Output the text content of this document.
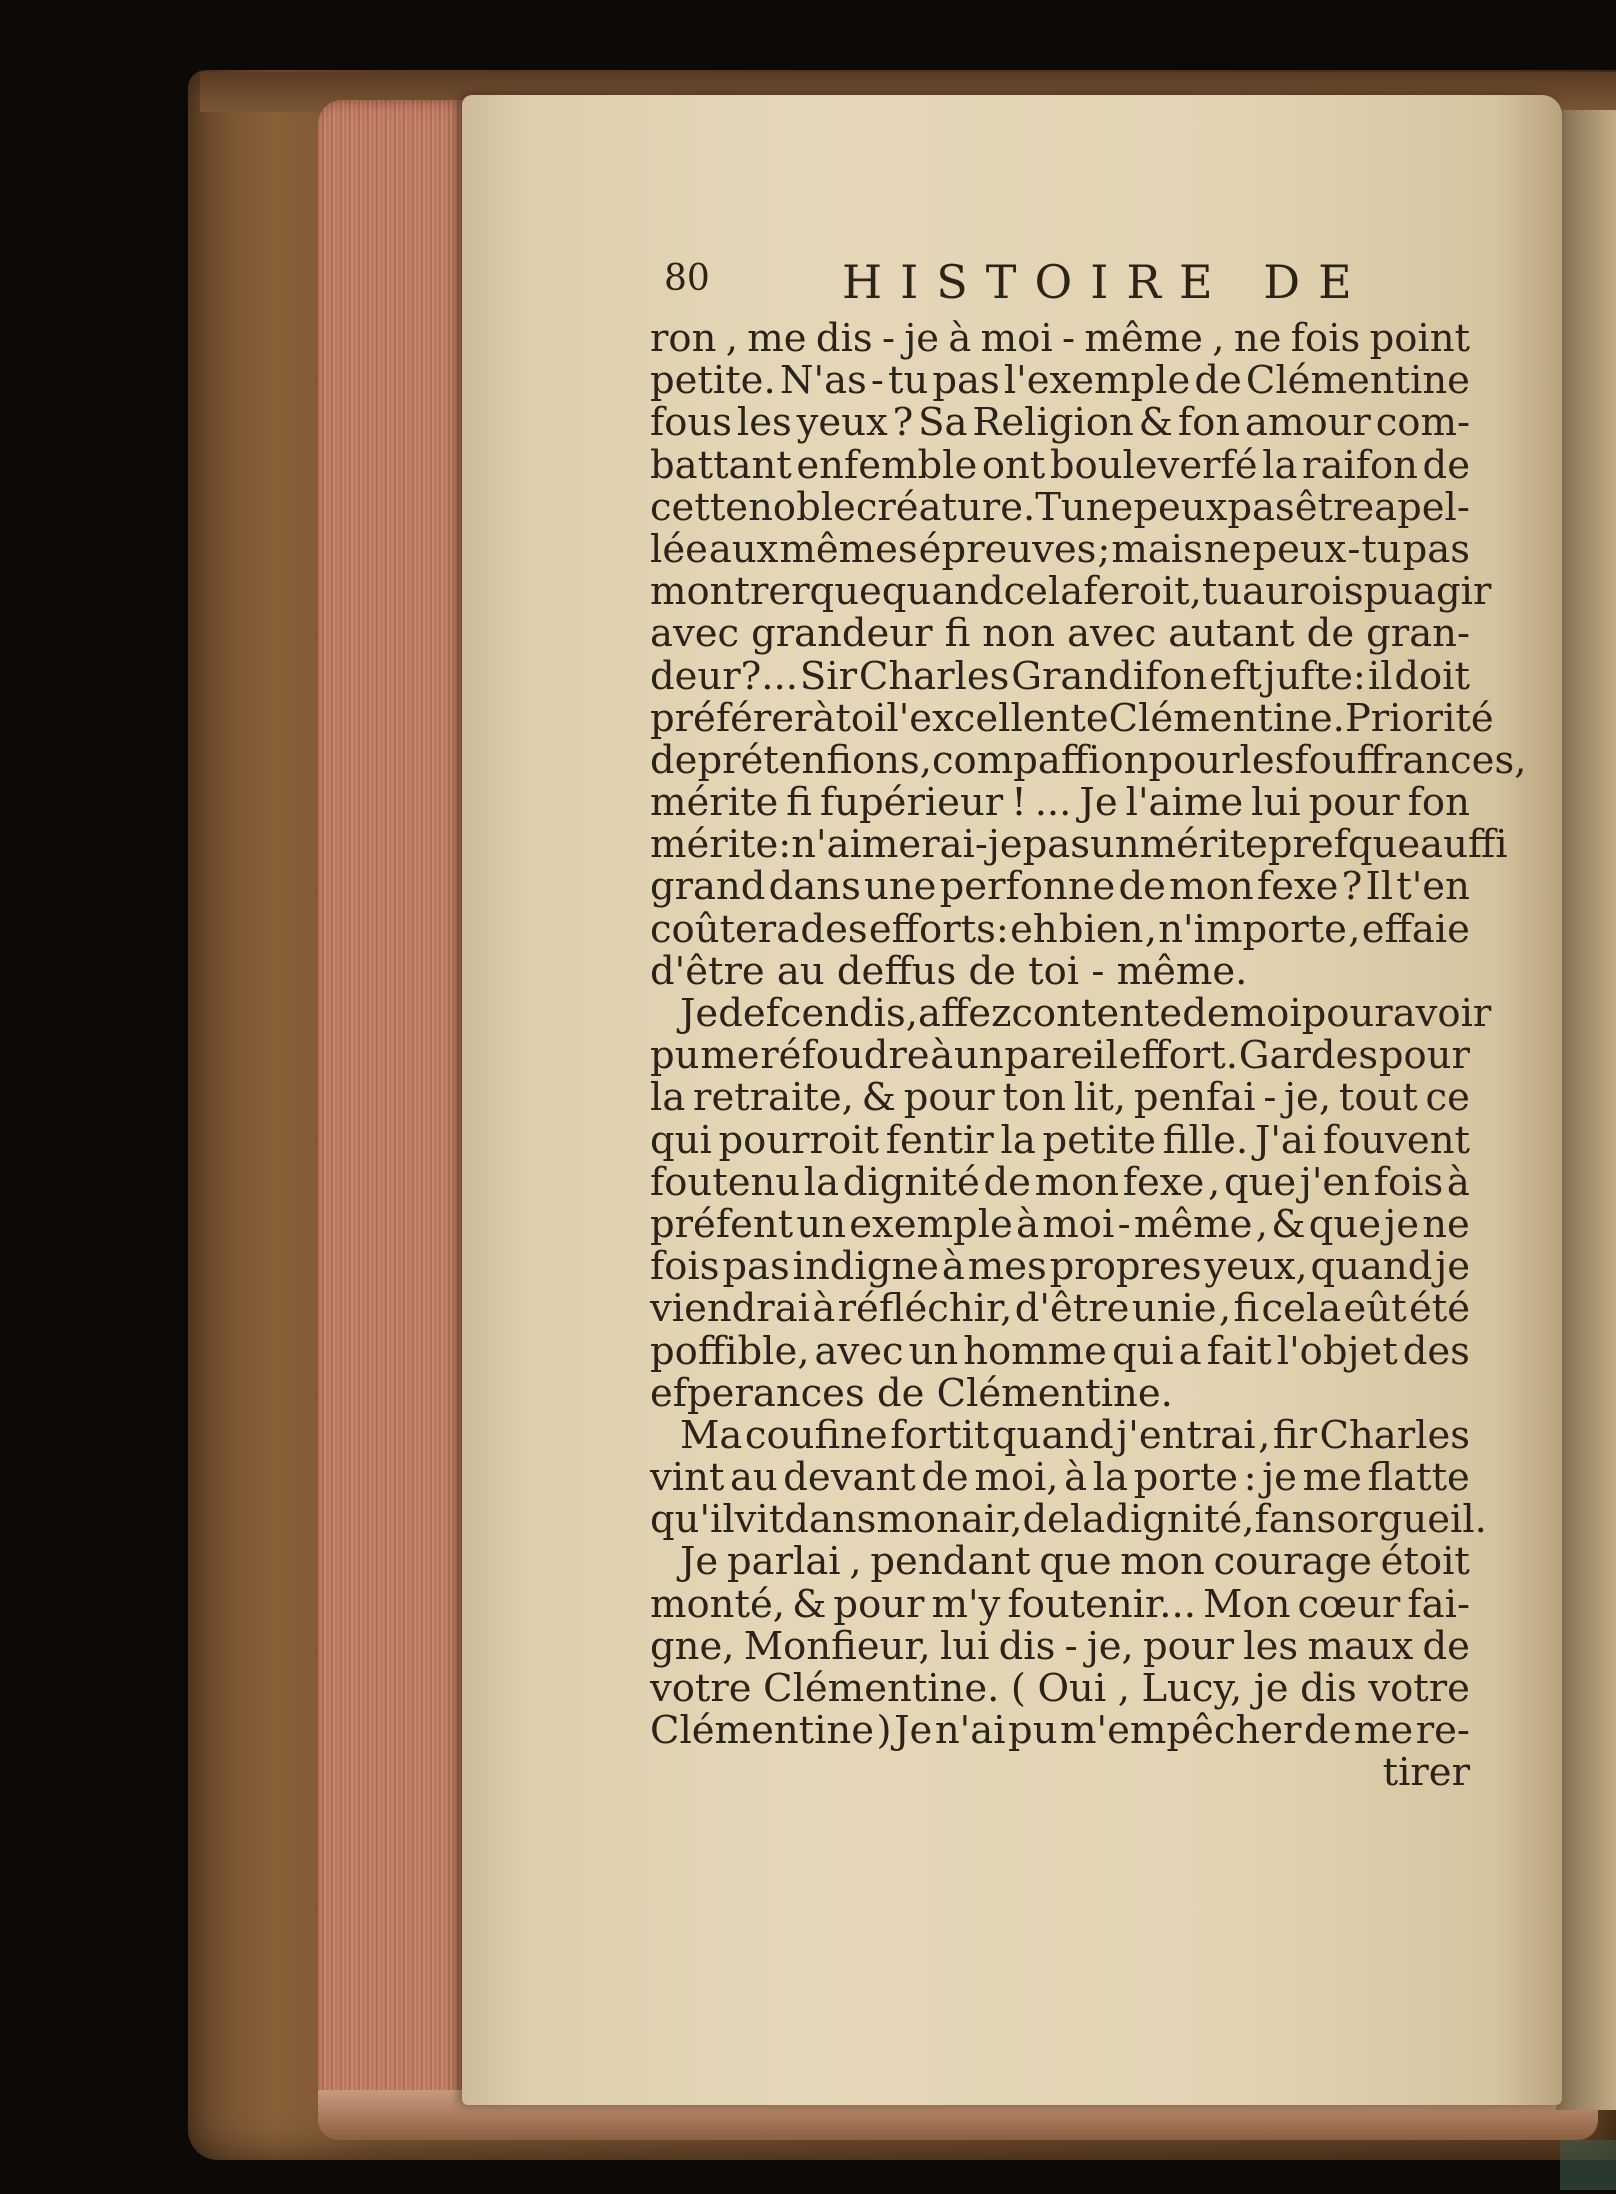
80	HISTOIRE DE
ron , me dis - je à moi - même , ne fois point
petite. N'as - tu pas l'exemple de Clémentine
fous les yeux ? Sa Religion & fon amour com-
battant enfemble ont bouleverfé la raifon de
cette noble créature. Tu ne peux pas être apel-
lée aux mêmes épreuves ; mais ne peux - tu pas
montrer que quand cela feroit, tu aurois pu agir
avec grandeur fi non avec autant de gran-
deur?... Sir Charles Grandifon eft jufte: il doit
préférer à toi l'excellente Clémentine. Priorité
de prétenfions, compaffion pour les fouffrances,
mérite fi fupérieur ! ... Je l'aime lui pour fon
mérite: n'aimerai - je pas un mérite prefque auffi
grand dans une perfonne de mon fexe ? Il t'en
coûtera des efforts: eh bien , n'importe , effaie
d'être au deffus de toi - même.
Je defcendis, affez contente de moi pour avoir
pu me réfoudre à un pareil effort. Gardes pour
la retraite, & pour ton lit, penfai - je, tout ce
qui pourroit fentir la petite fille. J'ai fouvent
foutenu la dignité de mon fexe , que j'en fois à
préfent un exemple à moi - même , & que je ne
fois pas indigne à mes propres yeux, quand je
viendrai à réfléchir, d'être unie , fi cela eût été
poffible, avec un homme qui a fait l'objet des
efperances de Clémentine.
Ma coufine fortit quand j'entrai , fir Charles
vint au devant de moi, à la porte : je me flatte
qu'il vit dans mon air, de la dignité, fans orgueil.
Je parlai , pendant que mon courage étoit
monté, & pour m'y foutenir... Mon cœur fai-
gne, Monfieur, lui dis - je, pour les maux de
votre Clémentine. ( Oui , Lucy, je dis votre
Clémentine ) Je n'ai pu m'empêcher de me re-
tirer
